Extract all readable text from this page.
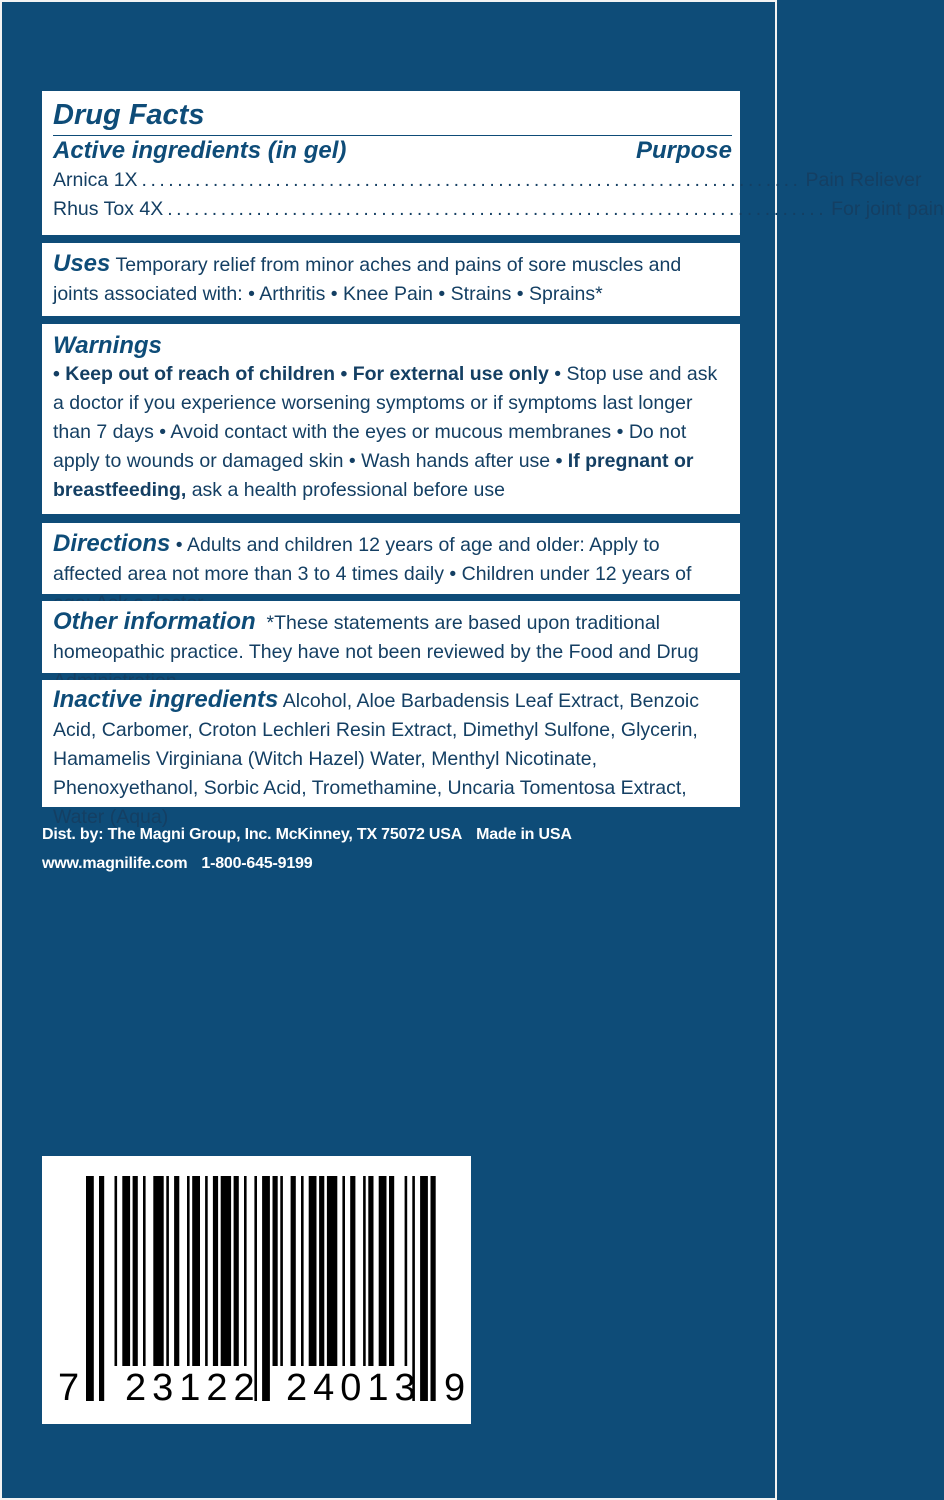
Drug Facts
Active ingredients (in gel)	Purpose
Arnica 1X .......................................................................... Pain Reliever
Rhus Tox 4X .......................................................................... For joint pain
Uses Temporary relief from minor aches and pains of sore muscles and joints associated with: • Arthritis • Knee Pain • Strains • Sprains*
Warnings
• Keep out of reach of children • For external use only • Stop use and ask a doctor if you experience worsening symptoms or if symptoms last longer than 7 days • Avoid contact with the eyes or mucous membranes • Do not apply to wounds or damaged skin • Wash hands after use • If pregnant or breastfeeding, ask a health professional before use
Directions • Adults and children 12 years of age and older: Apply to affected area not more than 3 to 4 times daily • Children under 12 years of
Other information *These statements are based upon traditional homeopathic practice. They have not been reviewed by the Food and Drug
Inactive ingredients Alcohol, Aloe Barbadensis Leaf Extract, Benzoic Acid, Carbomer, Croton Lechleri Resin Extract, Dimethyl Sulfone, Glycerin, Hamamelis Virginiana (Witch Hazel) Water, Menthyl Nicotinate, Phenoxyethanol, Sorbic Acid, Tromethamine, Uncaria Tomentosa Extract, Water (Aqua)
Dist. by: The Magni Group, Inc. McKinney, TX 75072 USA Made in USA
www.magnilife.com 1-800-645-9199
7 23122 24013 9
